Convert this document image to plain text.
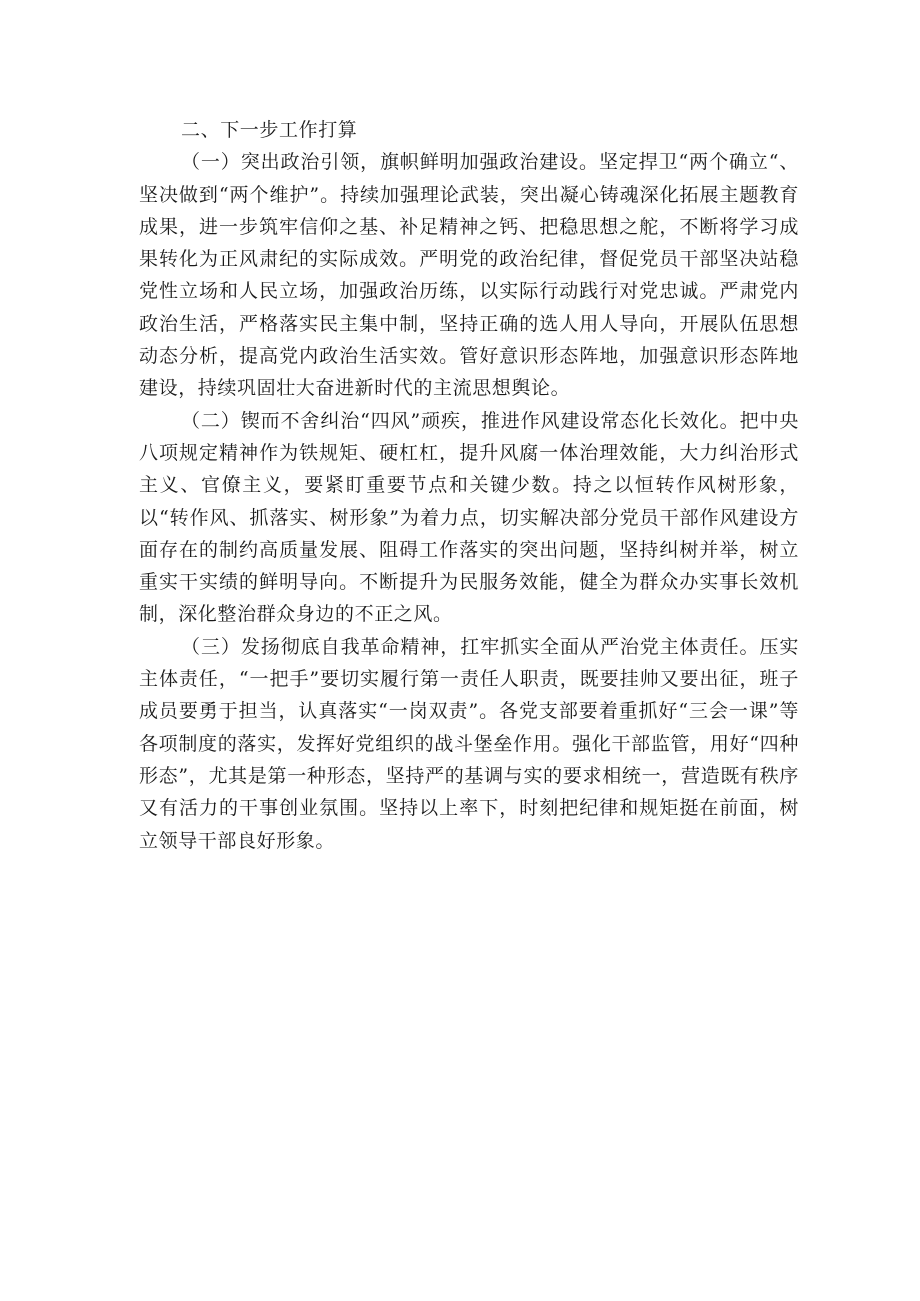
二、下一步工作打算

（一）突出政治引领，旗帜鲜明加强政治建设。坚定捍卫“两个确立“、坚决做到“两个维护”。持续加强理论武装，突出凝心铸魂深化拓展主题教育成果，进一步筑牢信仰之基、补足精神之钙、把稳思想之舵，不断将学习成果转化为正风肃纪的实际成效。严明党的政治纪律，督促党员干部坚决站稳党性立场和人民立场，加强政治历练，以实际行动践行对党忠诚。严肃党内政治生活，严格落实民主集中制，坚持正确的选人用人导向，开展队伍思想动态分析，提高党内政治生活实效。管好意识形态阵地，加强意识形态阵地建设，持续巩固壮大奋进新时代的主流思想舆论。

（二）锲而不舍纠治“四风”顽疾，推进作风建设常态化长效化。把中央八项规定精神作为铁规矩、硬杠杠，提升风腐一体治理效能，大力纠治形式主义、官僚主义，要紧盯重要节点和关键少数。持之以恒转作风树形象，以“转作风、抓落实、树形象”为着力点，切实解决部分党员干部作风建设方面存在的制约高质量发展、阻碍工作落实的突出问题，坚持纠树并举，树立重实干实绩的鲜明导向。不断提升为民服务效能，健全为群众办实事长效机制，深化整治群众身边的不正之风。

（三）发扬彻底自我革命精神，扛牢抓实全面从严治党主体责任。压实主体责任，“一把手”要切实履行第一责任人职责，既要挂帅又要出征，班子成员要勇于担当，认真落实“一岗双责”。各党支部要着重抓好“三会一课”等各项制度的落实，发挥好党组织的战斗堡垒作用。强化干部监管，用好“四种形态”，尤其是第一种形态，坚持严的基调与实的要求相统一，营造既有秩序又有活力的干事创业氛围。坚持以上率下，时刻把纪律和规矩挺在前面，树立领导干部良好形象。
